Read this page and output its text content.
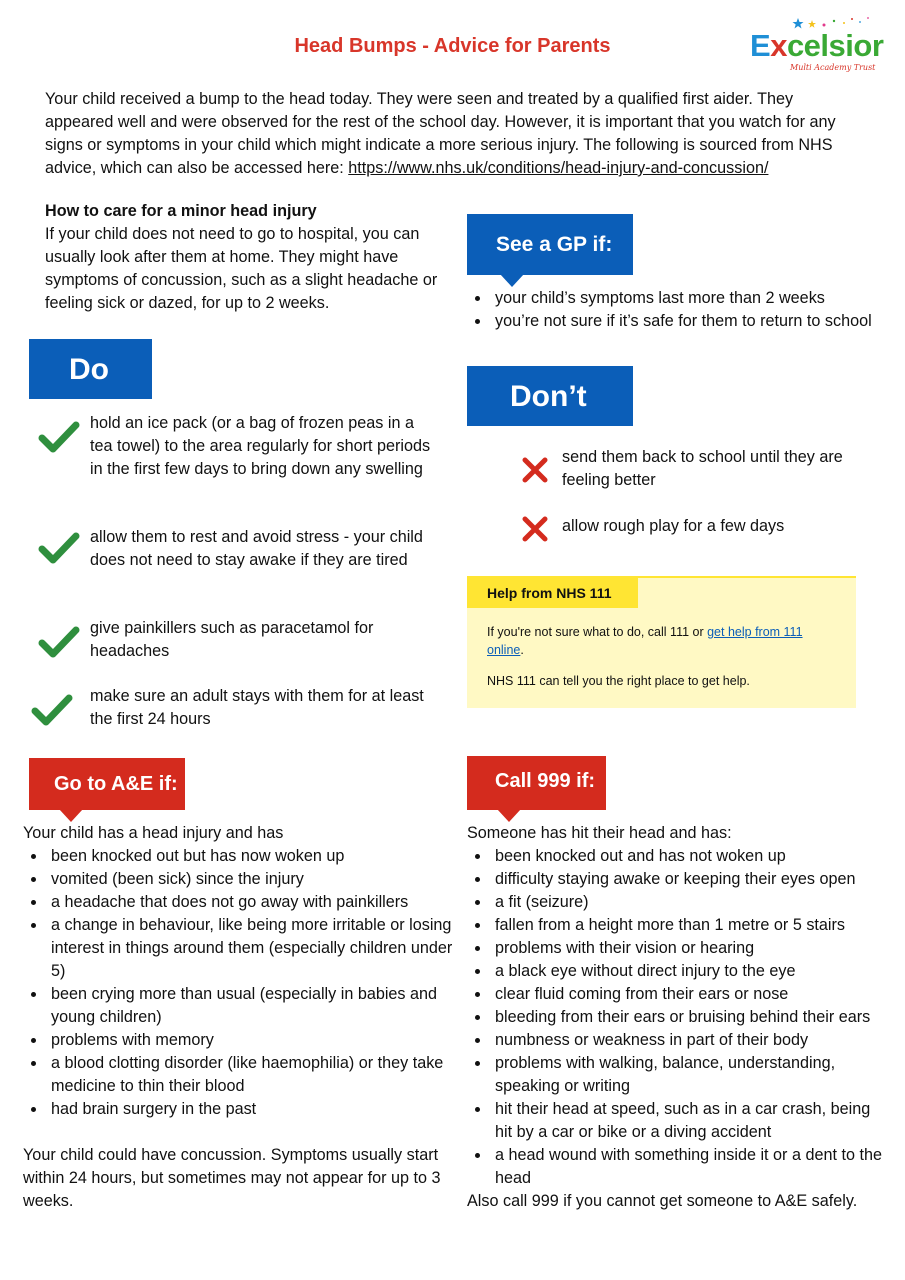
Head Bumps - Advice for Parents	Excelsior
Multi Academy Trust
Your child received a bump to the head today. They were seen and treated by a qualified first aider. They appeared well and were observed for the rest of the school day. However, it is important that you watch for any signs or symptoms in your child which might indicate a more serious injury. The following is sourced from NHS advice, which can also be accessed here: https://www.nhs.uk/conditions/head-injury-and-concussion/
How to care for a minor head injury
If your child does not need to go to hospital, you can usually look after them at home. They might have symptoms of concussion, such as a slight headache or feeling sick or dazed, for up to 2 weeks.
See a GP if:
your child’s symptoms last more than 2 weeks
you’re not sure if it’s safe for them to return to school
Do
hold an ice pack (or a bag of frozen peas in a tea towel) to the area regularly for short periods in the first few days to bring down any swelling
allow them to rest and avoid stress - your child does not need to stay awake if they are tired
give painkillers such as paracetamol for headaches
make sure an adult stays with them for at least the first 24 hours
Don’t
send them back to school until they are feeling better
allow rough play for a few days
Help from NHS 111
If you're not sure what to do, call 111 or get help from 111 online.
NHS 111 can tell you the right place to get help.
Go to A&E if:
Your child has a head injury and has
been knocked out but has now woken up
vomited (been sick) since the injury
a headache that does not go away with painkillers
a change in behaviour, like being more irritable or losing interest in things around them (especially children under 5)
been crying more than usual (especially in babies and young children)
problems with memory
a blood clotting disorder (like haemophilia) or they take medicine to thin their blood
had brain surgery in the past
Your child could have concussion. Symptoms usually start within 24 hours, but sometimes may not appear for up to 3 weeks.
Call 999 if:
Someone has hit their head and has:
been knocked out and has not woken up
difficulty staying awake or keeping their eyes open
a fit (seizure)
fallen from a height more than 1 metre or 5 stairs
problems with their vision or hearing
a black eye without direct injury to the eye
clear fluid coming from their ears or nose
bleeding from their ears or bruising behind their ears
numbness or weakness in part of their body
problems with walking, balance, understanding, speaking or writing
hit their head at speed, such as in a car crash, being hit by a car or bike or a diving accident
a head wound with something inside it or a dent to the head
Also call 999 if you cannot get someone to A&E safely.
